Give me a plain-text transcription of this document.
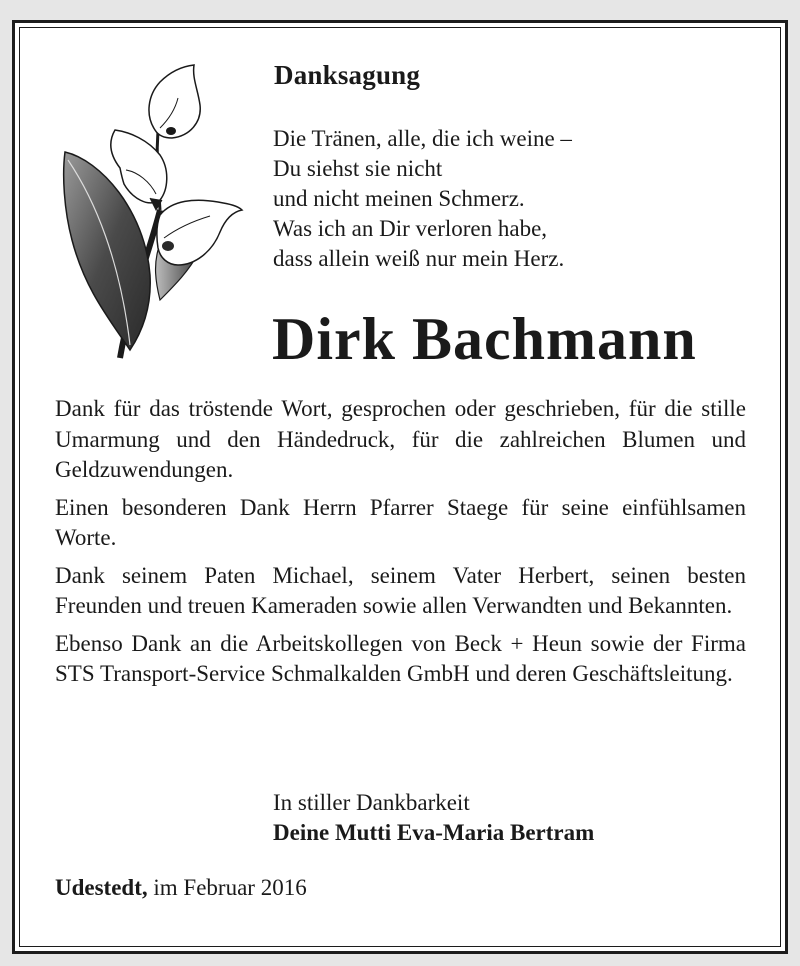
Danksagung
Die Tränen, alle, die ich weine –
Du siehst sie nicht
und nicht meinen Schmerz.
Was ich an Dir verloren habe,
dass allein weiß nur mein Herz.
Dirk Bachmann

Dank für das tröstende Wort, gesprochen oder geschrieben, für die stille Umarmung und den Händedruck, für die zahlreichen Blumen und Geldzuwendungen.

Einen besonderen Dank Herrn Pfarrer Staege für seine einfühlsamen Worte.

Dank seinem Paten Michael, seinem Vater Herbert, seinen besten Freunden und treuen Kameraden sowie allen Verwandten und Bekannten.

Ebenso Dank an die Arbeitskollegen von Beck + Heun sowie der Firma STS Transport-Service Schmalkalden GmbH und deren Geschäftsleitung.

In stiller Dankbarkeit
Deine Mutti Eva-Maria Bertram
Udestedt, im Februar 2016
